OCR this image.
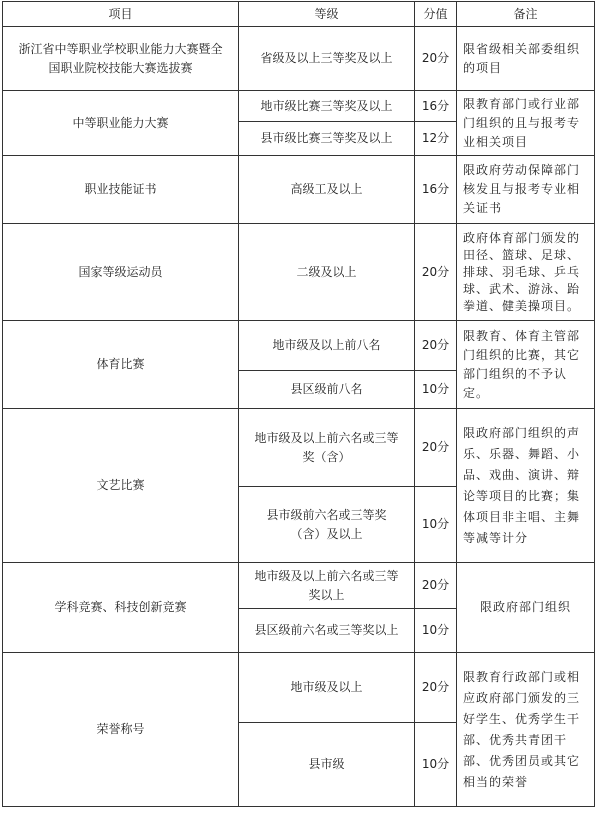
项目	等级	分值	备注
浙江省中等职业学校职业能力大赛暨全国职业院校技能大赛选拔赛	省级及以上三等奖及以上	20分	限省级相关部委组织的项目
中等职业能力大赛	地市级比赛三等奖及以上	16分	限教育部门或行业部门组织的且与报考专业相关项目
	县市级比赛三等奖及以上	12分	
职业技能证书	高级工及以上	16分	限政府劳动保障部门核发且与报考专业相关证书
国家等级运动员	二级及以上	20分	政府体育部门颁发的田径、篮球、足球、排球、羽毛球、乒乓球、武术、游泳、跆拳道、健美操项目。
体育比赛	地市级及以上前八名	20分	限教育、体育主管部门组织的比赛，其它部门组织的不予认定。
	县区级前八名	10分	
文艺比赛	地市级及以上前六名或三等奖（含）	20分	限政府部门组织的声乐、乐器、舞蹈、小品、戏曲、演讲、辩论等项目的比赛；集体项目非主唱、主舞等减等计分
	县市级前六名或三等奖（含）及以上	10分	
学科竞赛、科技创新竞赛	地市级及以上前六名或三等奖以上	20分	限政府部门组织
	县区级前六名或三等奖以上	10分	
荣誉称号	地市级及以上	20分	限教育行政部门或相应政府部门颁发的三好学生、优秀学生干部、优秀共青团干部、优秀团员或其它相当的荣誉
	县市级	10分	
